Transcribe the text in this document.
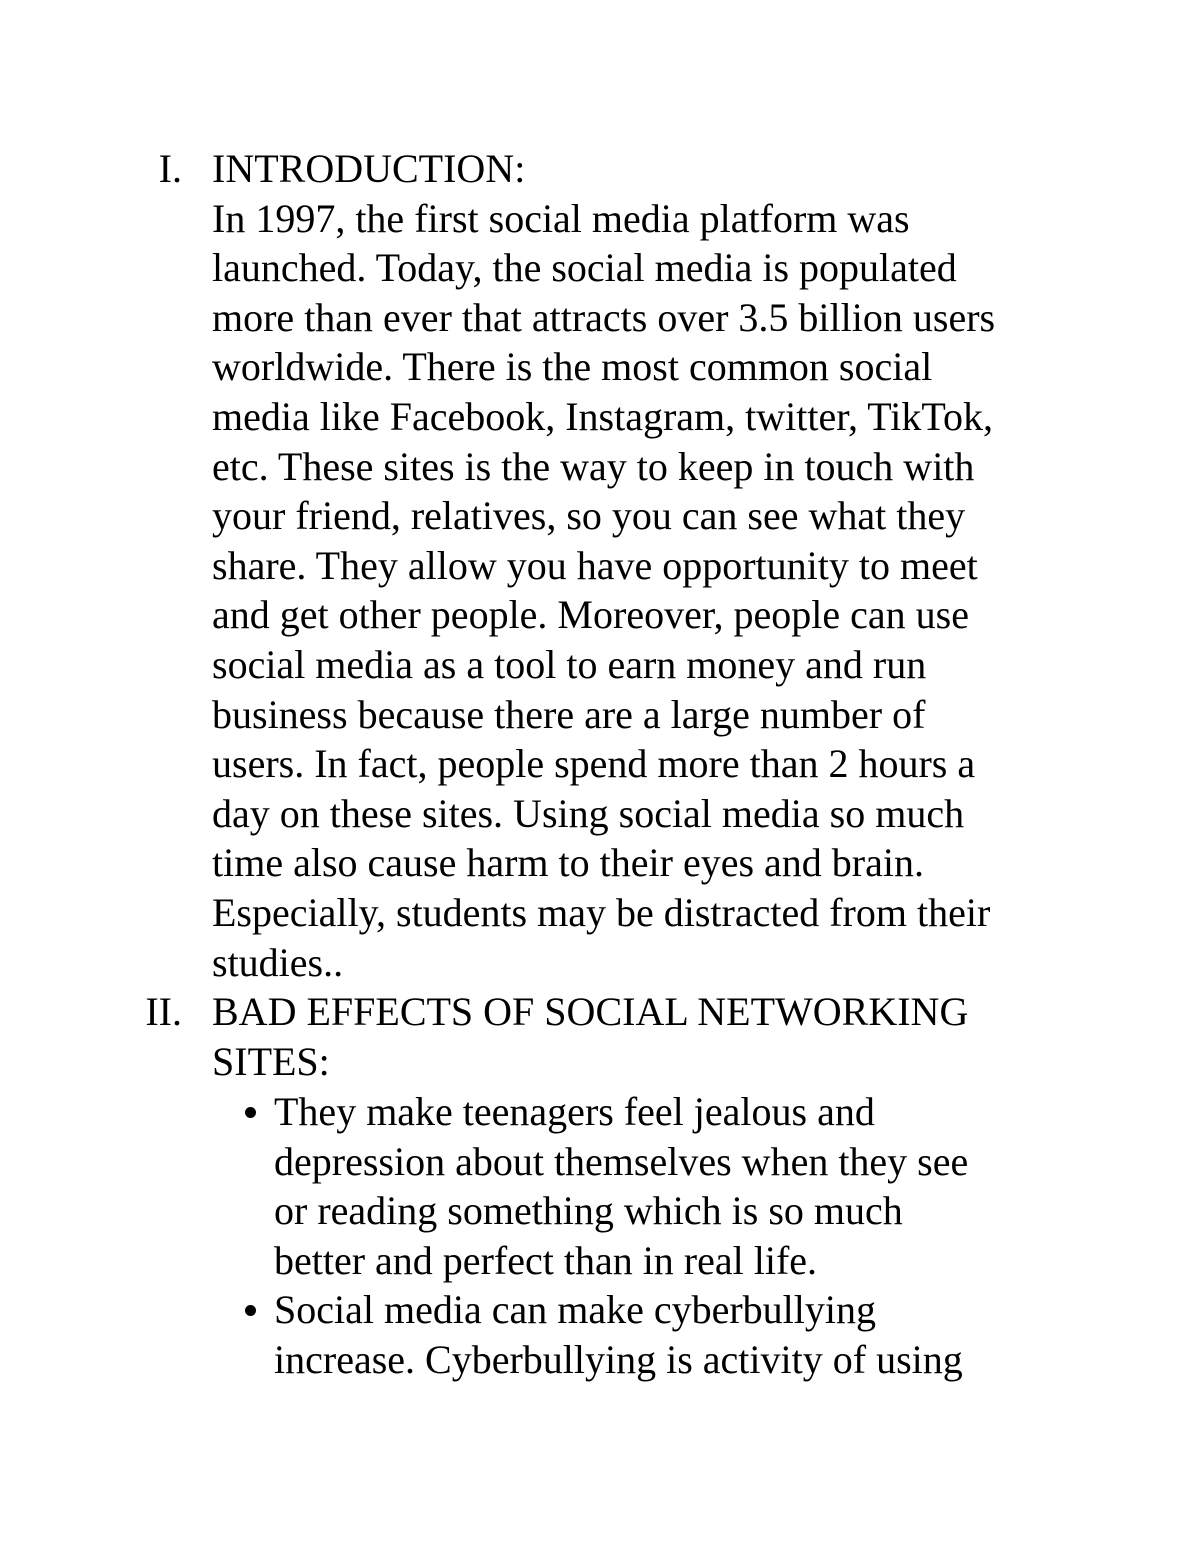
I. INTRODUCTION:
In 1997, the first social media platform was
launched. Today, the social media is populated
more than ever that attracts over 3.5 billion users
worldwide. There is the most common social
media like Facebook, Instagram, twitter, TikTok,
etc. These sites is the way to keep in touch with
your friend, relatives, so you can see what they
share. They allow you have opportunity to meet
and get other people. Moreover, people can use
social media as a tool to earn money and run
business because there are a large number of
users. In fact, people spend more than 2 hours a
day on these sites. Using social media so much
time also cause harm to their eyes and brain.
Especially, students may be distracted from their
studies..
II. BAD EFFECTS OF SOCIAL NETWORKING
SITES:
They make teenagers feel jealous and
depression about themselves when they see
or reading something which is so much
better and perfect than in real life.
Social media can make cyberbullying
increase. Cyberbullying is activity of using
